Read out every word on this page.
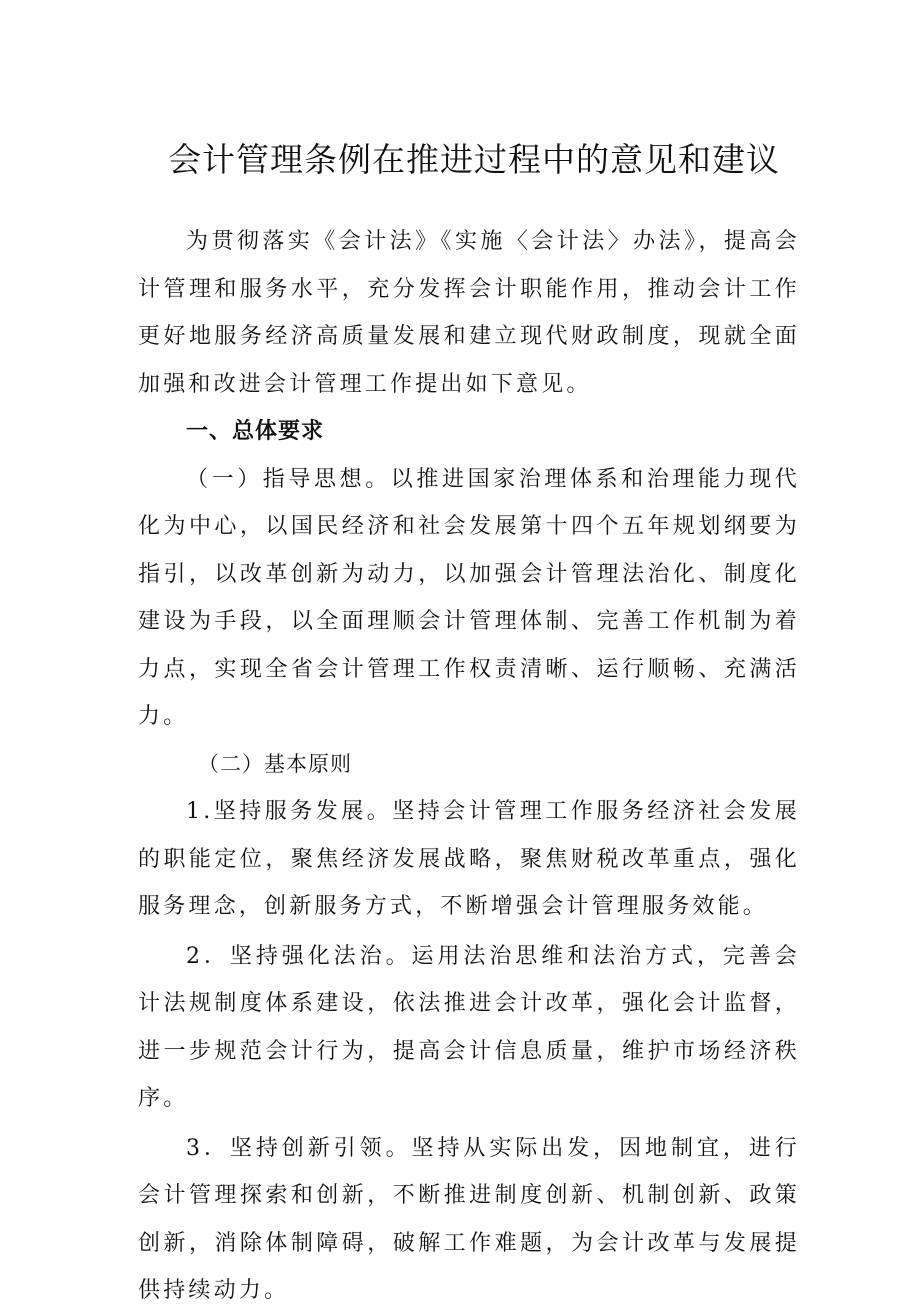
会计管理条例在推进过程中的意见和建议

为贯彻落实《会计法》《实施〈会计法〉办法》，提高会计管理和服务水平，充分发挥会计职能作用，推动会计工作更好地服务经济高质量发展和建立现代财政制度，现就全面加强和改进会计管理工作提出如下意见。

一、总体要求

（一）指导思想。以推进国家治理体系和治理能力现代化为中心，以国民经济和社会发展第十四个五年规划纲要为指引，以改革创新为动力，以加强会计管理法治化、制度化建设为手段，以全面理顺会计管理体制、完善工作机制为着力点，实现全省会计管理工作权责清晰、运行顺畅、充满活力。

（二）基本原则

1.坚持服务发展。坚持会计管理工作服务经济社会发展的职能定位，聚焦经济发展战略，聚焦财税改革重点，强化服务理念，创新服务方式，不断增强会计管理服务效能。

2．坚持强化法治。运用法治思维和法治方式，完善会计法规制度体系建设，依法推进会计改革，强化会计监督，进一步规范会计行为，提高会计信息质量，维护市场经济秩序。

3．坚持创新引领。坚持从实际出发，因地制宜，进行会计管理探索和创新，不断推进制度创新、机制创新、政策创新，消除体制障碍，破解工作难题，为会计改革与发展提供持续动力。
